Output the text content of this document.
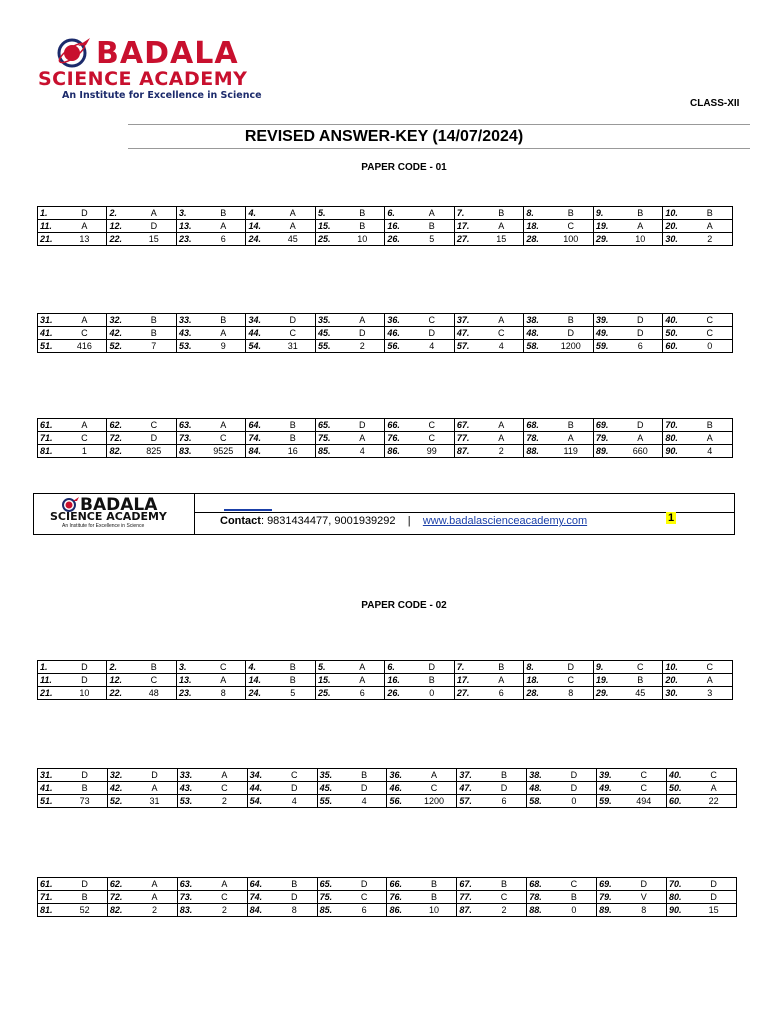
BADALA
SCIENCE ACADEMY
An Institute for Excellence in Science
CLASS-XII
REVISED ANSWER-KEY (14/07/2024)
PAPER CODE - 01
PAPER CODE - 02
1.	D	2.	A	3.	B	4.	A	5.	B	6.	A	7.	B	8.	B	9.	B	10.	B
11.	A	12.	D	13.	A	14.	A	15.	B	16.	B	17.	A	18.	C	19.	A	20.	A
21.	13	22.	15	23.	6	24.	45	25.	10	26.	5	27.	15	28.	100	29.	10	30.	2
31.	A	32.	B	33.	B	34.	D	35.	A	36.	C	37.	A	38.	B	39.	D	40.	C
41.	C	42.	B	43.	A	44.	C	45.	D	46.	D	47.	C	48.	D	49.	D	50.	C
51.	416	52.	7	53.	9	54.	31	55.	2	56.	4	57.	4	58.	1200	59.	6	60.	0
61.	A	62.	C	63.	A	64.	B	65.	D	66.	C	67.	A	68.	B	69.	D	70.	B
71.	C	72.	D	73.	C	74.	B	75.	A	76.	C	77.	A	78.	A	79.	A	80.	A
81.	1	82.	825	83.	9525	84.	16	85.	4	86.	99	87.	2	88.	119	89.	660	90.	4
1.	D	2.	B	3.	C	4.	B	5.	A	6.	D	7.	B	8.	D	9.	C	10.	C
11.	D	12.	C	13.	A	14.	B	15.	A	16.	B	17.	A	18.	C	19.	B	20.	A
21.	10	22.	48	23.	8	24.	5	25.	6	26.	0	27.	6	28.	8	29.	45	30.	3
31.	D	32.	D	33.	A	34.	C	35.	B	36.	A	37.	B	38.	D	39.	C	40.	C
41.	B	42.	A	43.	C	44.	D	45.	D	46.	C	47.	D	48.	D	49.	C	50.	A
51.	73	52.	31	53.	2	54.	4	55.	4	56.	1200	57.	6	58.	0	59.	494	60.	22
61.	D	62.	A	63.	A	64.	B	65.	D	66.	B	67.	B	68.	C	69.	D	70.	D
71.	B	72.	A	73.	C	74.	D	75.	C	76.	B	77.	C	78.	B	79.	V	80.	D
81.	52	82.	2	83.	2	84.	8	85.	6	86.	10	87.	2	88.	0	89.	8	90.	15
BADALA
SCIENCE ACADEMY
An Institute for Excellence in Science	Contact: 9831434477, 9001939292 | www.badalascienceacademy.com	1
